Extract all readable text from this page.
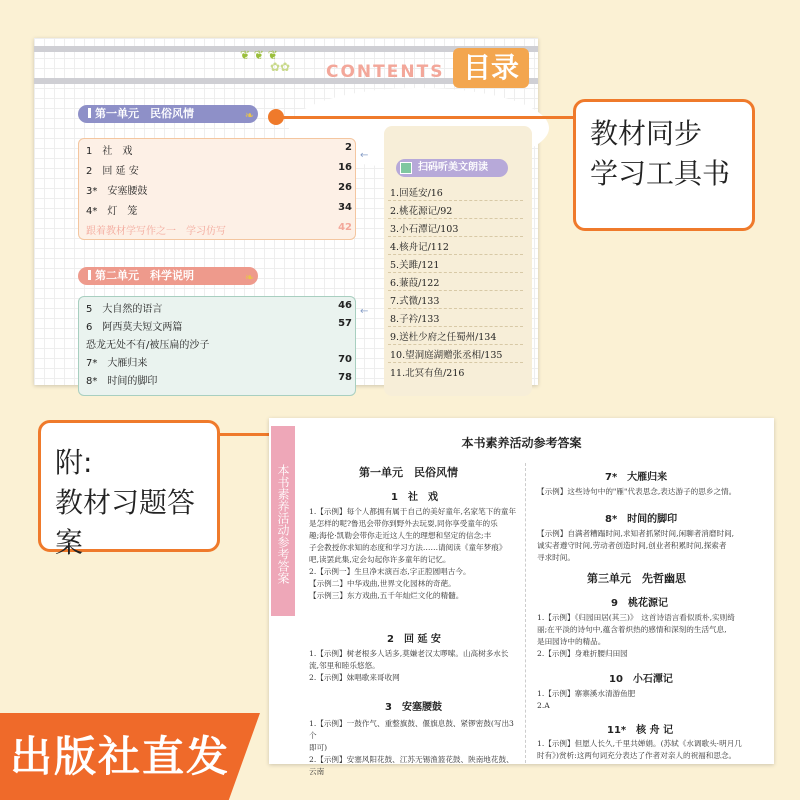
❦ ❦ ❦
✿✿ CONTENTS 目录
第一单元　民俗风情	❧
1　 社　戏	2
2　 回 延 安	16
3*　 安塞腰鼓	26
4*　 灯　笼	34
跟着教材学写作之一　学习仿写	42
←
第二单元　科学说明	❧
5　 大自然的语言	46
6　 阿西莫夫短文两篇	57
恐龙无处不有/被压扁的沙子
7*　 大雁归来	70
8*　 时间的脚印	78
←
扫码听美文朗读
1.回延安/16
2.桃花源记/92
3.小石潭记/103
4.核舟记/112
5.关雎/121
6.蒹葭/122
7.式微/133
8.子衿/133
9.送杜少府之任蜀州/134
10.望洞庭湖赠张丞相/135
11.北冥有鱼/216
教材同步
学习工具书
附:
教材习题答案	本书素养活动参考答案
本书素养活动参考答案
第一单元　民俗风情
1　社　戏
1.【示例】每个人都拥有属于自己的美好童年,名家笔下的童年
是怎样的呢?鲁迅会带你到野外去玩耍,同你享受童年的乐
趣;海伦·凯勒会带你走近这人生的理想和坚定的信念;丰
子会教授你求知的态度和学习方法……请阅读《童年梦痕》
吧,读罢此集,定会勾起你许多童年的记忆。
2.【示例一】生旦净末演百态,字正腔圆唱古今。
【示例二】中华戏曲,世界文化园林的奇葩。
【示例三】东方戏曲,五千年灿烂文化的精髓。
2　回 延 安
1.【示例】树老根多人话多,莫嫌老汉太啰嗦。山高树多水长
流,邻里和睦乐悠悠。
2.【示例】妹唱歌来哥收网
3　安塞腰鼓
1.【示例】一鼓作气、重整旗鼓、偃旗息鼓、紧锣密鼓(写出3个
即可)
2.【示例】安塞风阳花鼓、江苏无锡渔篮花鼓、陕南地花鼓、云南
7*　大雁归来
【示例】这些诗句中的"雁"代表思念,表达游子的思乡之情。
8*　时间的脚印
【示例】自满者糟蹋时间,求知者抓紧时间,闲聊者消磨时间,
诚实者遵守时间,劳动者创造时间,创业者积累时间,探索者
寻求时间。
第三单元　先哲幽思
9　桃花源记
1.【示例】《归园田居(其三)》　这首诗语言看似质朴,实则绮
丽;在平淡的诗句中,蕴含着炽热的感情和深刻的生活气息,
是田园诗中的精品。
2.【示例】身难折腰归田园
10　小石潭记
1.【示例】寨寨溪水清游鱼肥
2.A
11*　核 舟 记
1.【示例】但愿人长久,千里共婵娟。(苏轼《水调歌头·明月几
时有》)赏析:这两句词充分表达了作者对亲人的祝福和思念。
出版社直发
